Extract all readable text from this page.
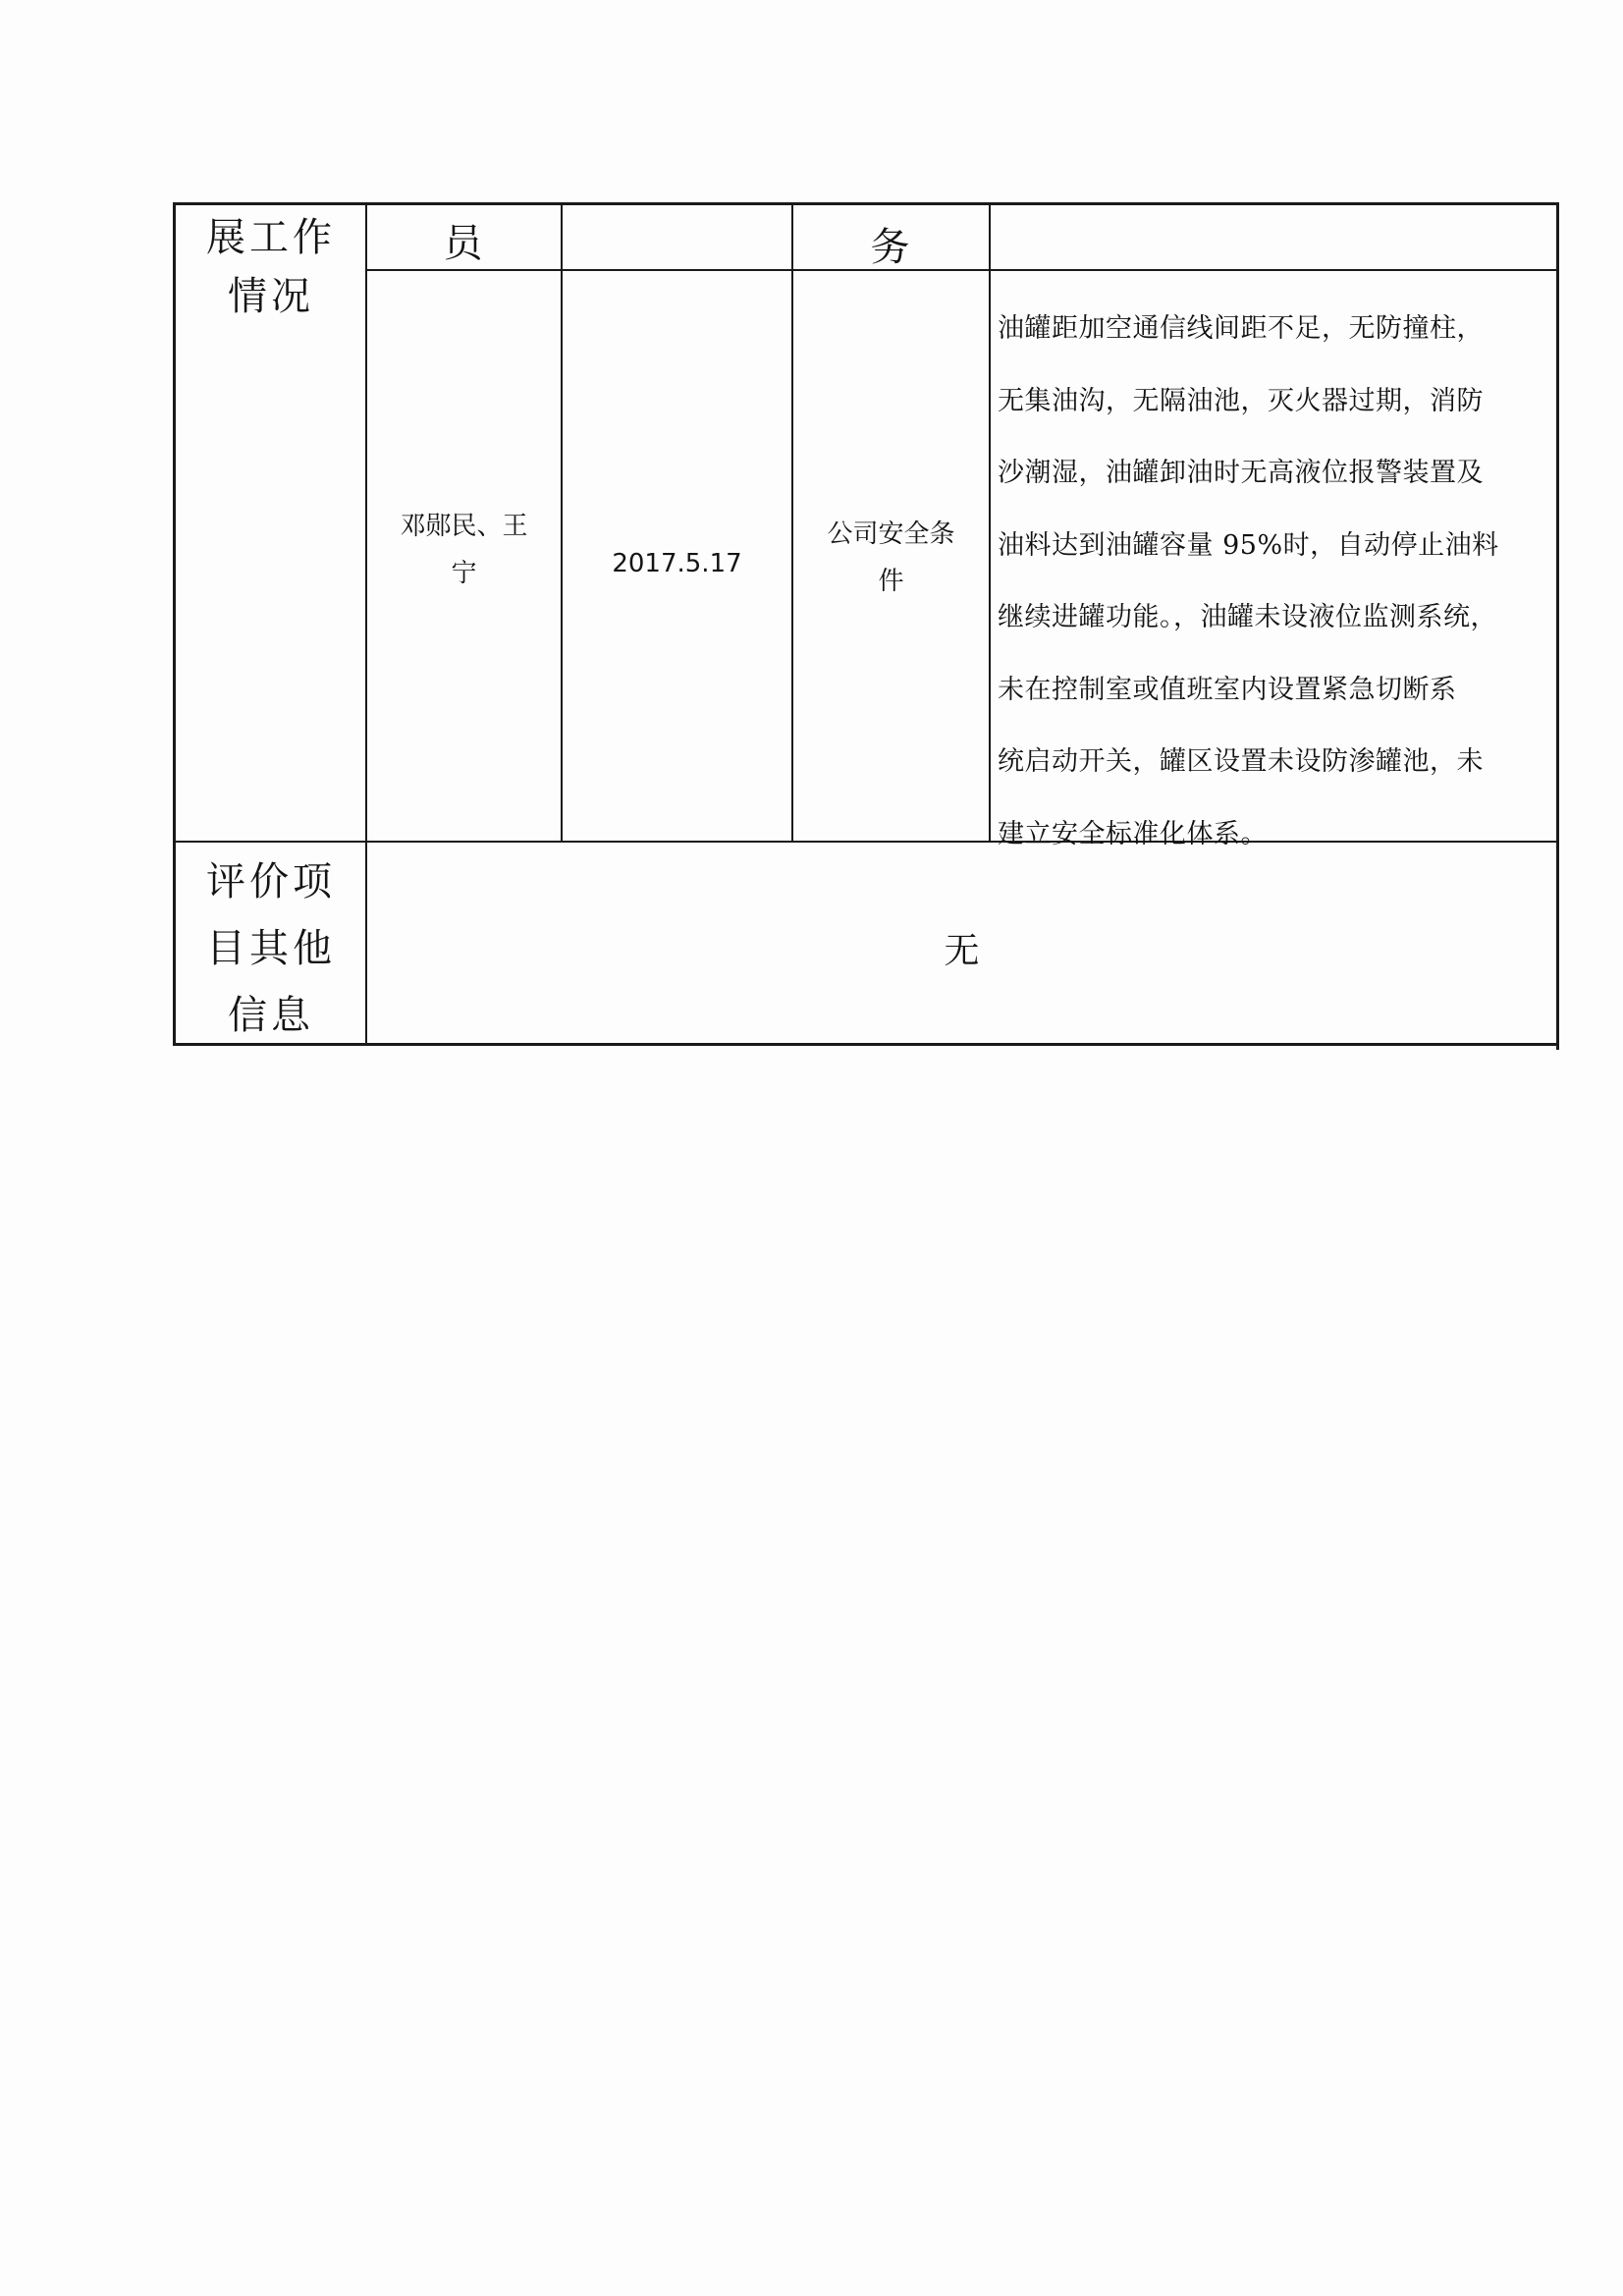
展工作
情况
员	务
邓郧民、王
宁	2017.5.17
公司安全条
件
油罐距加空通信线间距不足，无防撞柱，
无集油沟，无隔油池，灭火器过期，消防
沙潮湿，油罐卸油时无高液位报警装置及
油料达到油罐容量 95%时，自动停止油料
继续进罐功能。，油罐未设液位监测系统，
未在控制室或值班室内设置紧急切断系
统启动开关，罐区设置未设防渗罐池，未
建立安全标准化体系。
评价项
目其他
信息
无
